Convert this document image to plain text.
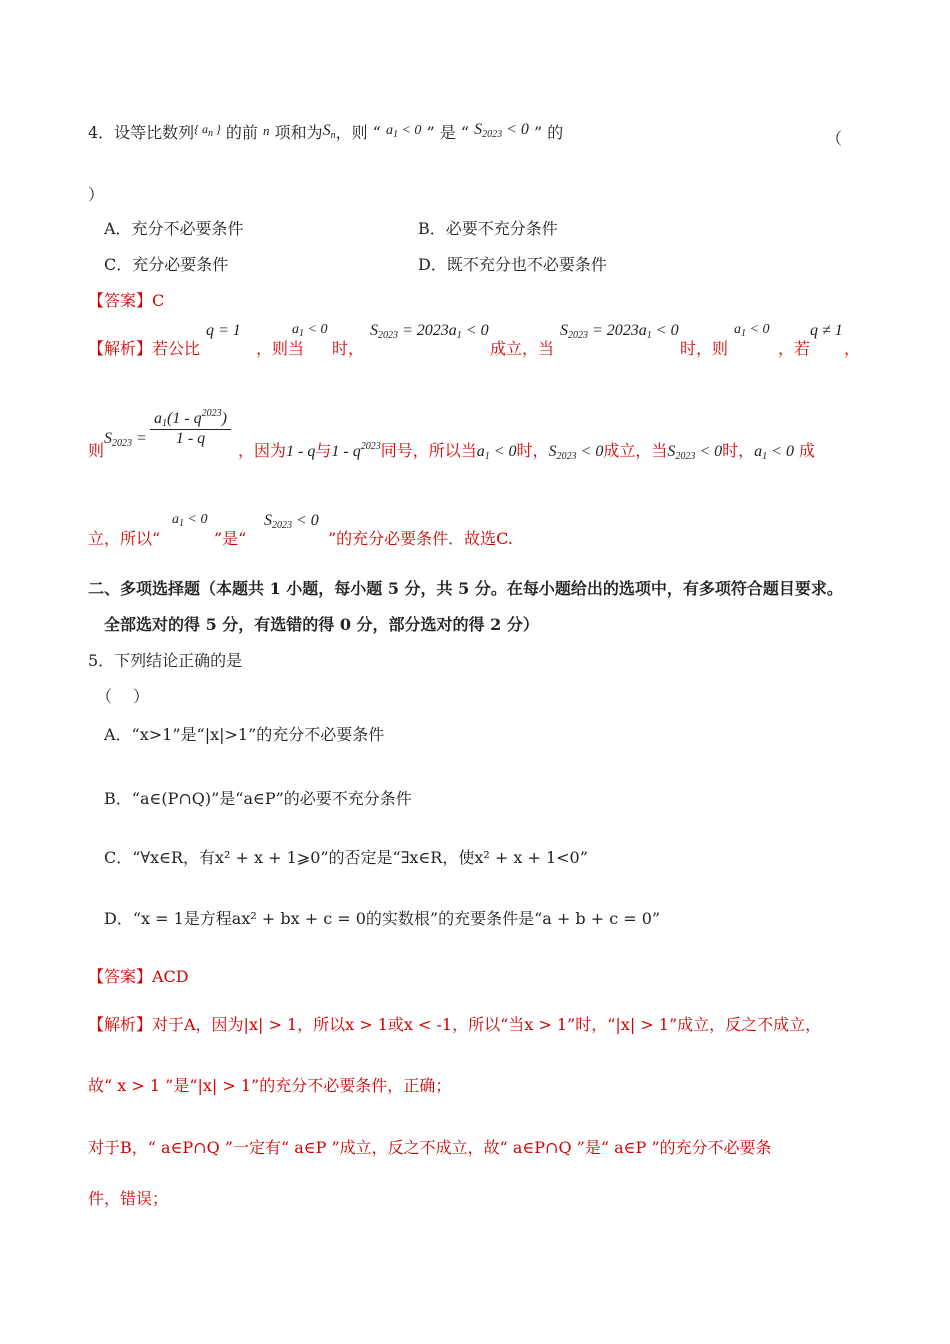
4．设等比数列$^{\{ a_n \}}$ 的前 n 项和为$S_n$，则 “ $a_1 < 0$ ” 是 “ $S_{2023} < 0$ ” 的	（
）
A．充分不必要条件	B．必要不充分条件
C．充分必要条件	D．既不充分也不必要条件
【答案】C
【解析】若公比
q = 1
，则当
$a_1 < 0$
时，
$S_{2023} = 2023a_1 < 0$
成立，当
$S_{2023} = 2023a_1 < 0$
时，则
$a_1 < 0$
，若
q ≠ 1
，
则
$S_{2023} = \frac{a_1(1 - q^{2023})}{1 - q}$
，因为1 - q与$1 - q^{2023}$同号，所以当$a_1 < 0$时，$S_{2023} < 0$成立，当$S_{2023} < 0$时，$a_1 < 0$ 成
立，所以“
$a_1 < 0$
”是“
$S_{2023} < 0$
”的充分必要条件．故选C.
二、多项选择题（本题共 1 小题，每小题 5 分，共 5 分。在每小题给出的选项中，有多项符合题目要求。
全部选对的得 5 分，有选错的得 0 分，部分选对的得 2 分）
5．下列结论正确的是
（　 ）
A．“x>1”是“|x|>1”的充分不必要条件
B．“a∈(P∩Q)”是“a∈P”的必要不充分条件
C．“∀x∈R，有x² + x + 1⩾0”的否定是“∃x∈R，使x² + x + 1<0”
D．“x = 1是方程ax² + bx + c = 0的实数根”的充要条件是“a + b + c = 0”
【答案】ACD
【解析】对于A，因为|x| > 1，所以x > 1或x < -1，所以“当x > 1”时，“|x| > 1”成立，反之不成立，
故“ x > 1 ”是“|x| > 1”的充分不必要条件，正确；
对于B，“ a∈P∩Q ”一定有“ a∈P ”成立，反之不成立，故“ a∈P∩Q ”是“ a∈P ”的充分不必要条
件，错误；
